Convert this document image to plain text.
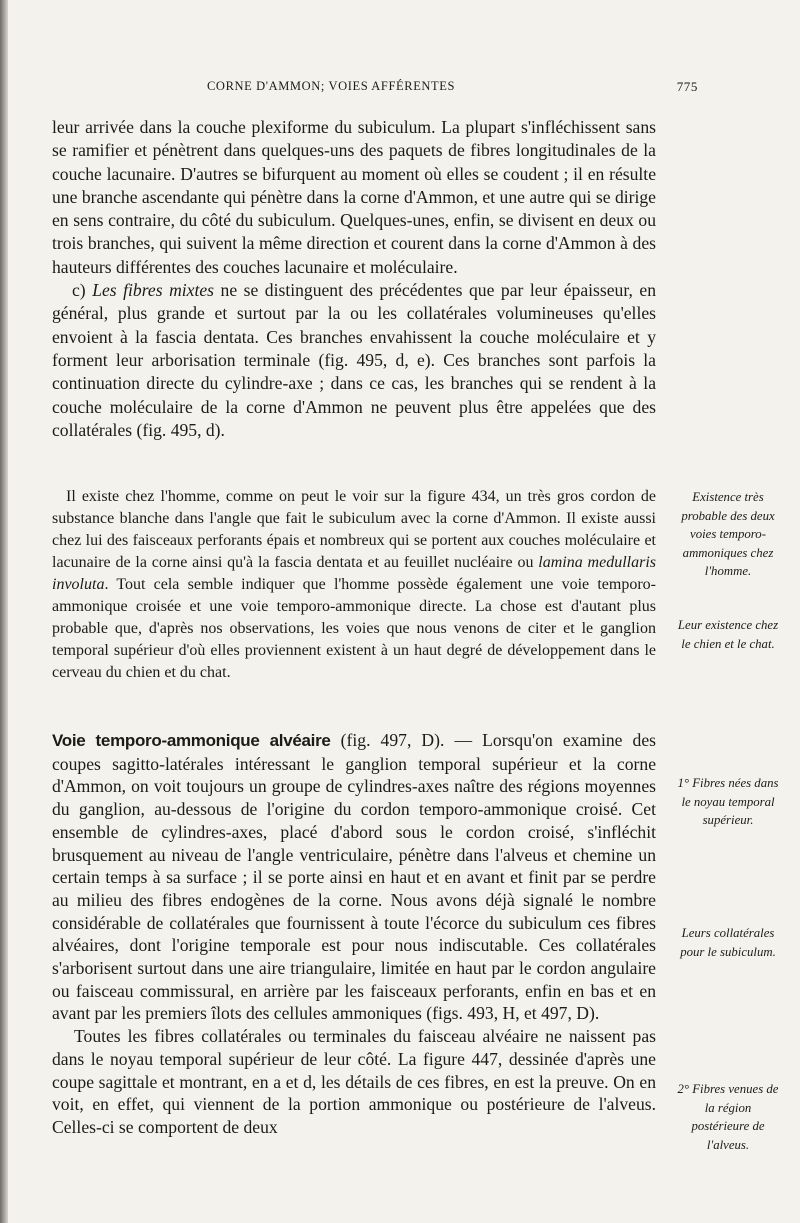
CORNE D'AMMON; VOIES AFFÉRENTES	775

leur arrivée dans la couche plexiforme du subiculum. La plupart s'infléchissent sans se ramifier et pénètrent dans quelques-uns des paquets de fibres longitudinales de la couche lacunaire. D'autres se bifurquent au moment où elles se coudent ; il en résulte une branche ascendante qui pénètre dans la corne d'Ammon, et une autre qui se dirige en sens contraire, du côté du subiculum. Quelques-unes, enfin, se divisent en deux ou trois branches, qui suivent la même direction et courent dans la corne d'Ammon à des hauteurs différentes des couches lacunaire et moléculaire.

c) Les fibres mixtes ne se distinguent des précédentes que par leur épaisseur, en général, plus grande et surtout par la ou les collatérales volumineuses qu'elles envoient à la fascia dentata. Ces branches envahissent la couche moléculaire et y forment leur arborisation terminale (fig. 495, d, e). Ces branches sont parfois la continuation directe du cylindre-axe ; dans ce cas, les branches qui se rendent à la couche moléculaire de la corne d'Ammon ne peuvent plus être appelées que des collatérales (fig. 495, d).

Il existe chez l'homme, comme on peut le voir sur la figure 434, un très gros cordon de substance blanche dans l'angle que fait le subiculum avec la corne d'Ammon. Il existe aussi chez lui des faisceaux perforants épais et nombreux qui se portent aux couches moléculaire et lacunaire de la corne ainsi qu'à la fascia dentata et au feuillet nucléaire ou lamina medullaris involuta. Tout cela semble indiquer que l'homme possède également une voie temporo-ammonique croisée et une voie temporo-ammonique directe. La chose est d'autant plus probable que, d'après nos observations, les voies que nous venons de citer et le ganglion temporal supérieur d'où elles proviennent existent à un haut degré de développement dans le cerveau du chien et du chat.

Voie temporo-ammonique alvéaire (fig. 497, D). — Lorsqu'on examine des coupes sagitto-latérales intéressant le ganglion temporal supérieur et la corne d'Ammon, on voit toujours un groupe de cylindres-axes naître des régions moyennes du ganglion, au-dessous de l'origine du cordon temporo-ammonique croisé. Cet ensemble de cylindres-axes, placé d'abord sous le cordon croisé, s'infléchit brusquement au niveau de l'angle ventriculaire, pénètre dans l'alveus et chemine un certain temps à sa surface ; il se porte ainsi en haut et en avant et finit par se perdre au milieu des fibres endogènes de la corne. Nous avons déjà signalé le nombre considérable de collatérales que fournissent à toute l'écorce du subiculum ces fibres alvéaires, dont l'origine temporale est pour nous indiscutable. Ces collatérales s'arborisent surtout dans une aire triangulaire, limitée en haut par le cordon angulaire ou faisceau commissural, en arrière par les faisceaux perforants, enfin en bas et en avant par les premiers îlots des cellules ammoniques (figs. 493, H, et 497, D).

Toutes les fibres collatérales ou terminales du faisceau alvéaire ne naissent pas dans le noyau temporal supérieur de leur côté. La figure 447, dessinée d'après une coupe sagittale et montrant, en a et d, les détails de ces fibres, en est la preuve. On en voit, en effet, qui viennent de la portion ammonique ou postérieure de l'alveus. Celles-ci se comportent de deux

Existence très probable des deux voies temporo-ammoniques chez l'homme.
Leur existence chez le chien et le chat.
1° Fibres nées dans le noyau temporal supérieur.
Leurs collatérales pour le subiculum.
2° Fibres venues de la région postérieure de l'alveus.
